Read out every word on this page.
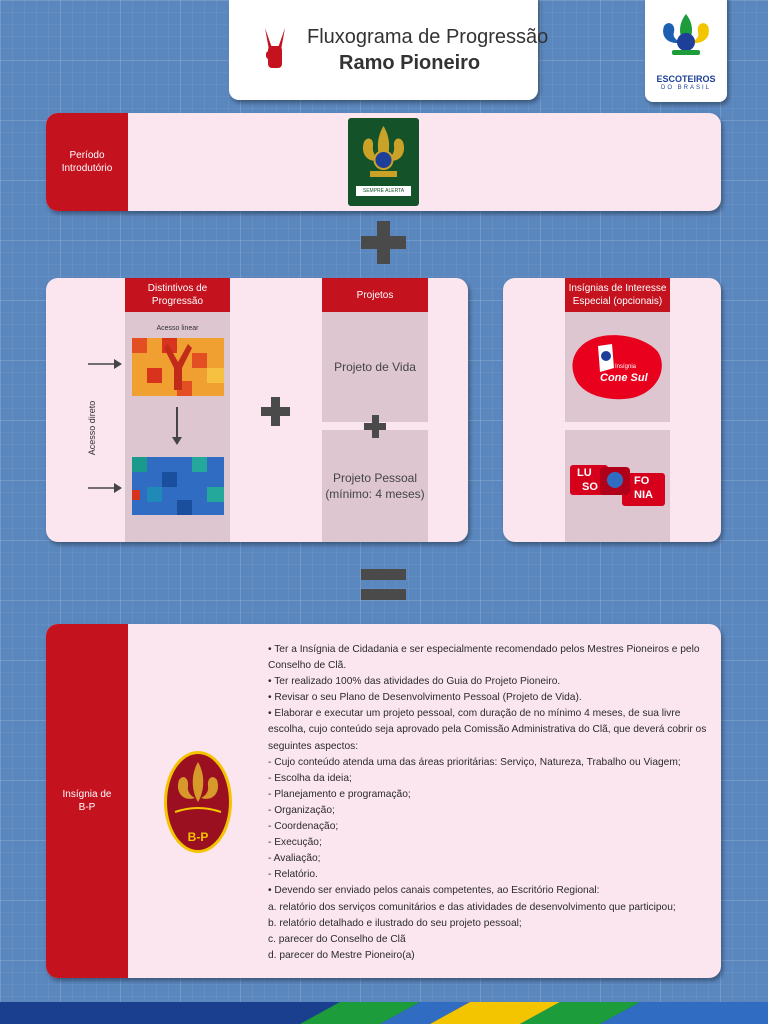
Fluxograma de Progressão
Ramo Pioneiro
ESCOTEIROS
DO BRASIL
Período Introdutório
SEMPRE ALERTA
Distintivos de Progressão
Acesso linear
Acesso direto
Projetos
Projeto de Vida
Projeto Pessoal
(mínimo: 4 meses)
Insígnias de Interesse Especial (opcionais)
Insígnia
Cone Sul
LU
SO	FO
NIA
Insígnia de B-P
B-P
• Ter a Insígnia de Cidadania e ser especialmente recomendado pelos Mestres Pioneiros e pelo Conselho de Clã.
• Ter realizado 100% das atividades do Guia do Projeto Pioneiro.
• Revisar o seu Plano de Desenvolvimento Pessoal (Projeto de Vida).
• Elaborar e executar um projeto pessoal, com duração de no mínimo 4 meses, de sua livre escolha, cujo conteúdo seja aprovado pela Comissão Administrativa do Clã, que deverá cobrir os seguintes aspectos:
- Cujo conteúdo atenda uma das áreas prioritárias: Serviço, Natureza, Trabalho ou Viagem;
- Escolha da ideia;
- Planejamento e programação;
- Organização;
- Coordenação;
- Execução;
- Avaliação;
- Relatório.
• Devendo ser enviado pelos canais competentes, ao Escritório Regional:
a. relatório dos serviços comunitários e das atividades de desenvolvimento que participou;
b. relatório detalhado e ilustrado do seu projeto pessoal;
c. parecer do Conselho de Clã
d. parecer do Mestre Pioneiro(a)
